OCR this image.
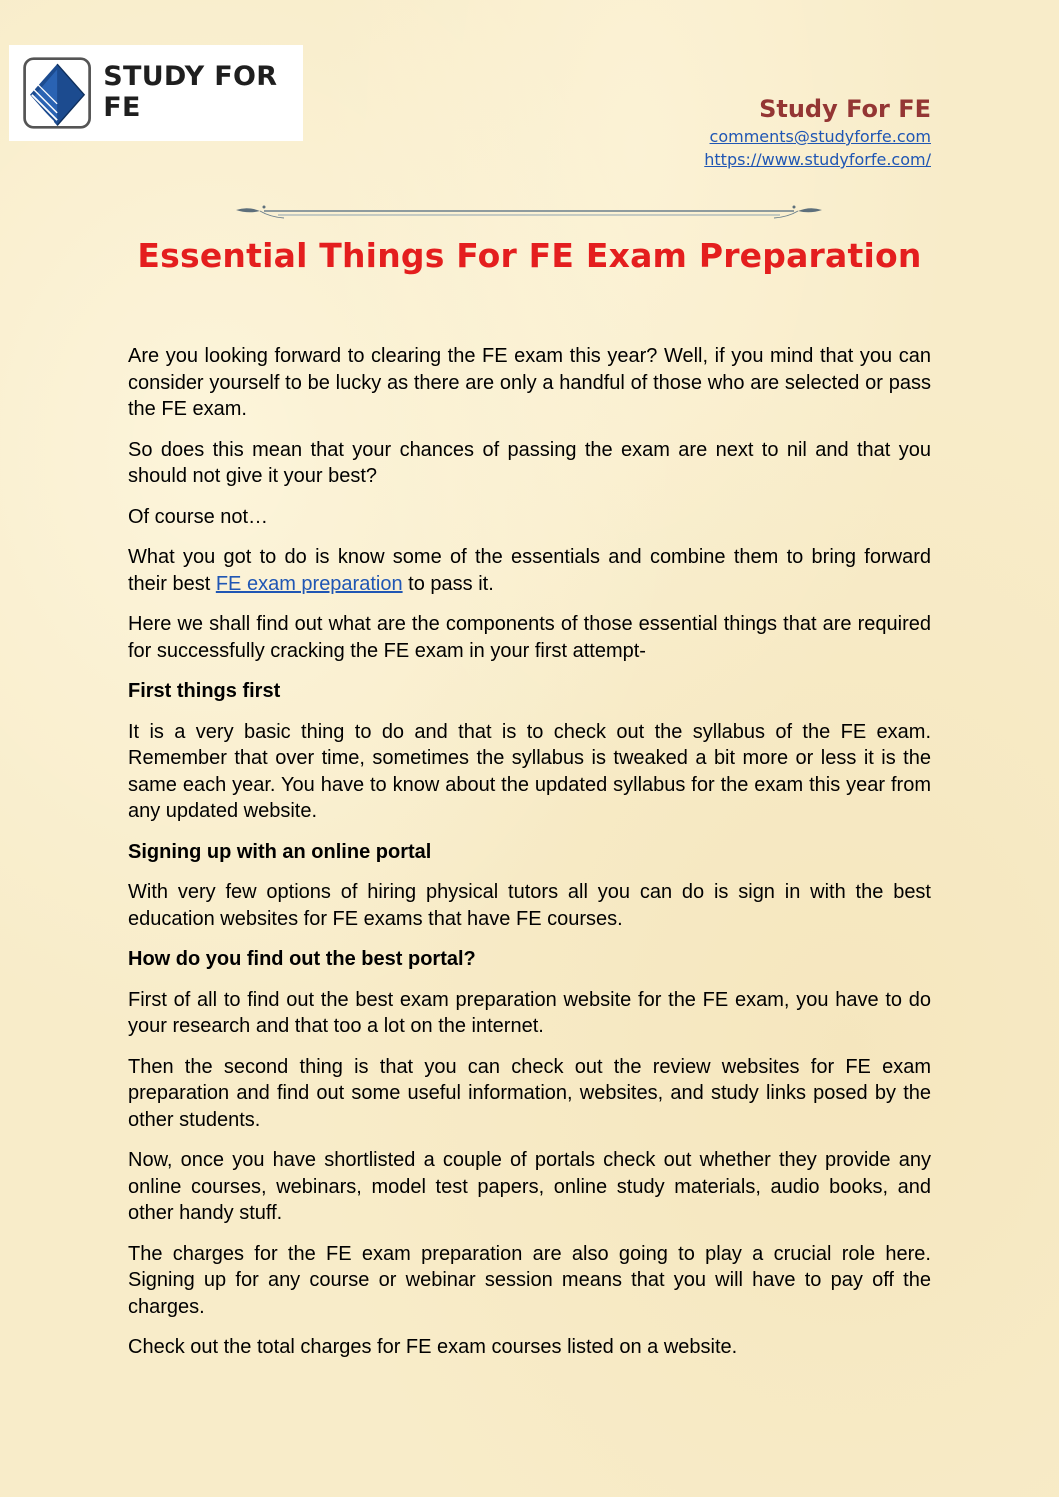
STUDY FOR FE	Study For FE
comments@studyforfe.com
https://www.studyforfe.com/
Essential Things For FE Exam Preparation

Are you looking forward to clearing the FE exam this year? Well, if you mind that you can consider yourself to be lucky as there are only a handful of those who are selected or pass the FE exam.

So does this mean that your chances of passing the exam are next to nil and that you should not give it your best?

Of course not…

What you got to do is know some of the essentials and combine them to bring forward their best FE exam preparation to pass it.

Here we shall find out what are the components of those essential things that are required for successfully cracking the FE exam in your first attempt-

First things first

It is a very basic thing to do and that is to check out the syllabus of the FE exam. Remember that over time, sometimes the syllabus is tweaked a bit more or less it is the same each year. You have to know about the updated syllabus for the exam this year from any updated website.

Signing up with an online portal

With very few options of hiring physical tutors all you can do is sign in with the best education websites for FE exams that have FE courses.

How do you find out the best portal?

First of all to find out the best exam preparation website for the FE exam, you have to do your research and that too a lot on the internet.

Then the second thing is that you can check out the review websites for FE exam preparation and find out some useful information, websites, and study links posed by the other students.

Now, once you have shortlisted a couple of portals check out whether they provide any online courses, webinars, model test papers, online study materials, audio books, and other handy stuff.

The charges for the FE exam preparation are also going to play a crucial role here. Signing up for any course or webinar session means that you will have to pay off the charges.

Check out the total charges for FE exam courses listed on a website.
